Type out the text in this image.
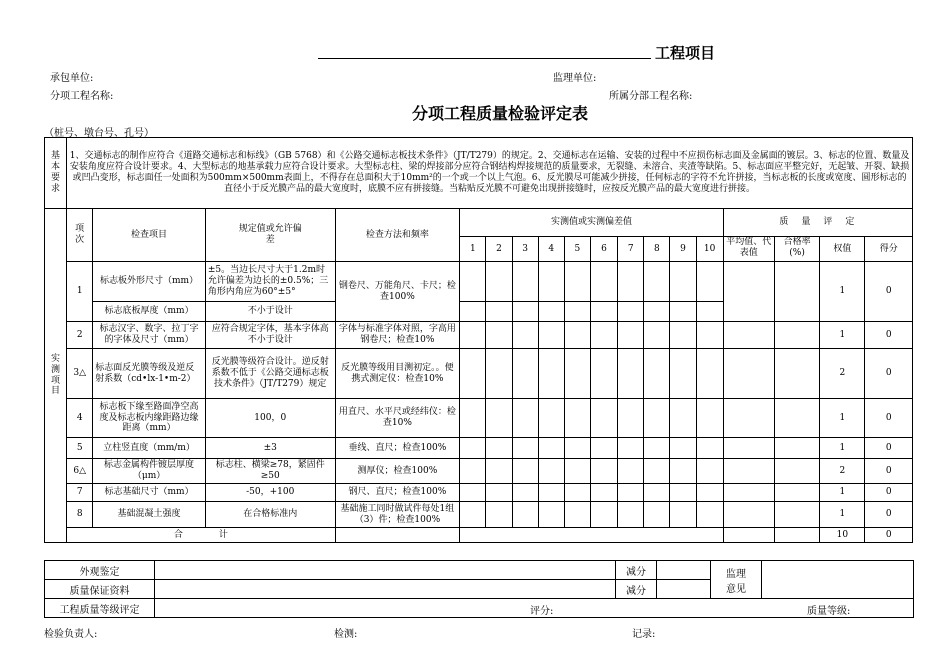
工程项目
承包单位:	监理单位:
分项工程名称:	所属分部工程名称:
分项工程质量检验评定表
（桩号、墩台号、孔号）
基本
要求	1、交通标志的制作应符合《道路交通标志和标线》（GB 5768）和《公路交通标志板技术条件》（JT/T279）的规定。2、交通标志在运输、安装的过程中不应损伤标志面及金属面的镀层。3、标志的位置、数量及安装角度应符合设计要求。4、大型标志的地基承载力应符合设计要求。大型标志柱、梁的焊接部分应符合钢结构焊接规范的质量要求，无裂缝、未溶合、夹渣等缺陷。5、标志面应平整完好，无起皱、开裂、缺损或凹凸变形，标志面任一处面积为500mm×500mm表面上，不得存在总面积大于10mm²的一个或一个以上气泡。6、反光膜尽可能减少拼接，任何标志的字符不允许拼接，当标志板的长度或宽度、圆形标志的直径小于反光膜产品的最大宽度时，底膜不应有拼接缝。当粘贴反光膜不可避免出现拼接缝时，应按反光膜产品的最大宽度进行拼接。																	
实
测
项
目	项次	检查项目	规定值或允许偏差	检查方法和频率	实测值或实测偏差值										质　量　评　定			
					1	2	3	4	5	6	7	8	9	10	平均值、代表值	合格率(%)	权值	得分
	1	标志板外形尺寸（mm）	±5。当边长尺寸大于1.2m时允许偏差为边长的±0.5%；三角形内角应为60°±5°	钢卷尺、万能角尺、卡尺；检查100%													1	0
		标志底板厚度（mm）	不小于设计															
	2	标志汉字、数字、拉丁字的字体及尺寸（mm）	应符合规定字体，基本字体高不小于设计	字体与标准字体对照，字高用钢卷尺；检查10%													1	0
	3△	标志面反光膜等级及逆反射系数（cd•lx-1•m-2）	反光膜等级符合设计。逆反射系数不低于《公路交通标志板技术条件》（JT/T279）规定	反光膜等级用目测初定。。便携式测定仪：检查10%													2	0
	4	标志板下缘至路面净空高度及标志板内缘距路边缘距离（mm）	100，0	用直尺、水平尺或经纬仪：检查10%													1	0
	5	立柱竖直度（mm/m）	±3	垂线、直尺；检查100%													1	0
	6△	标志金属构件镀层厚度（μm）	标志柱、横梁≥78，紧固件≥50	测厚仪；检查100%													2	0
	7	标志基础尺寸（mm）	-50，+100	钢尺、直尺；检查100%													1	0
	8	基础混凝土强度	在合格标准内	基础施工同时做试件每处1组（3）件；检查100%													1	0
	合　　　　计																10	0
外观鉴定		减分		监理
意见	
质量保证资料		减分			
工程质量等级评定	评分: 质量等级:				
检验负责人:	检测:	记录:
